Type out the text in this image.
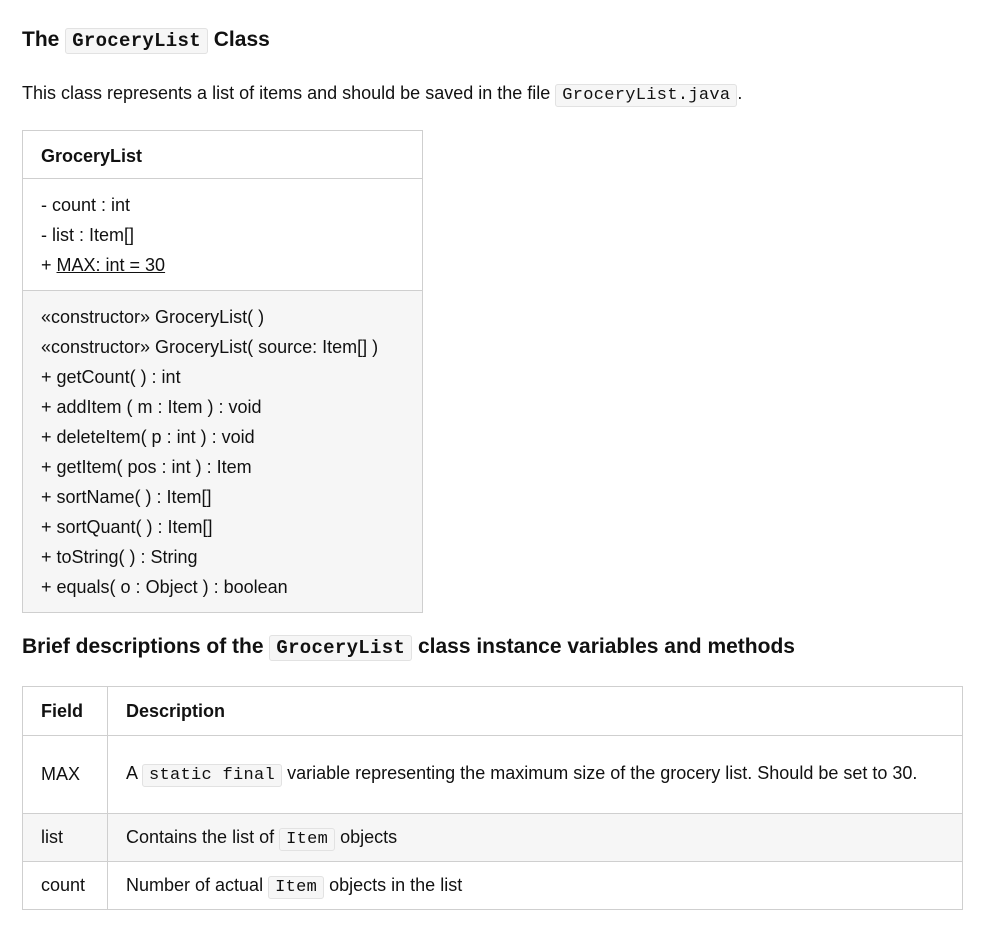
The GroceryList Class

This class represents a list of items and should be saved in the file GroceryList.java .

GroceryList
- count : int
- list : Item[]
+ MAX: int = 30
«constructor» GroceryList( )
«constructor» GroceryList( source: Item[] )
+ getCount( ) : int
+ addItem ( m : Item ) : void
+ deleteItem( p : int ) : void
+ getItem( pos : int ) : Item
+ sortName( ) : Item[]
+ sortQuant( ) : Item[]
+ toString( ) : String
+ equals( o : Object ) : boolean
Brief descriptions of the GroceryList class instance variables and methods
Field	Description
MAX	A static final variable representing the maximum size of the grocery list. Should be set to 30.
list	Contains the list of Item objects
count	Number of actual Item objects in the list
